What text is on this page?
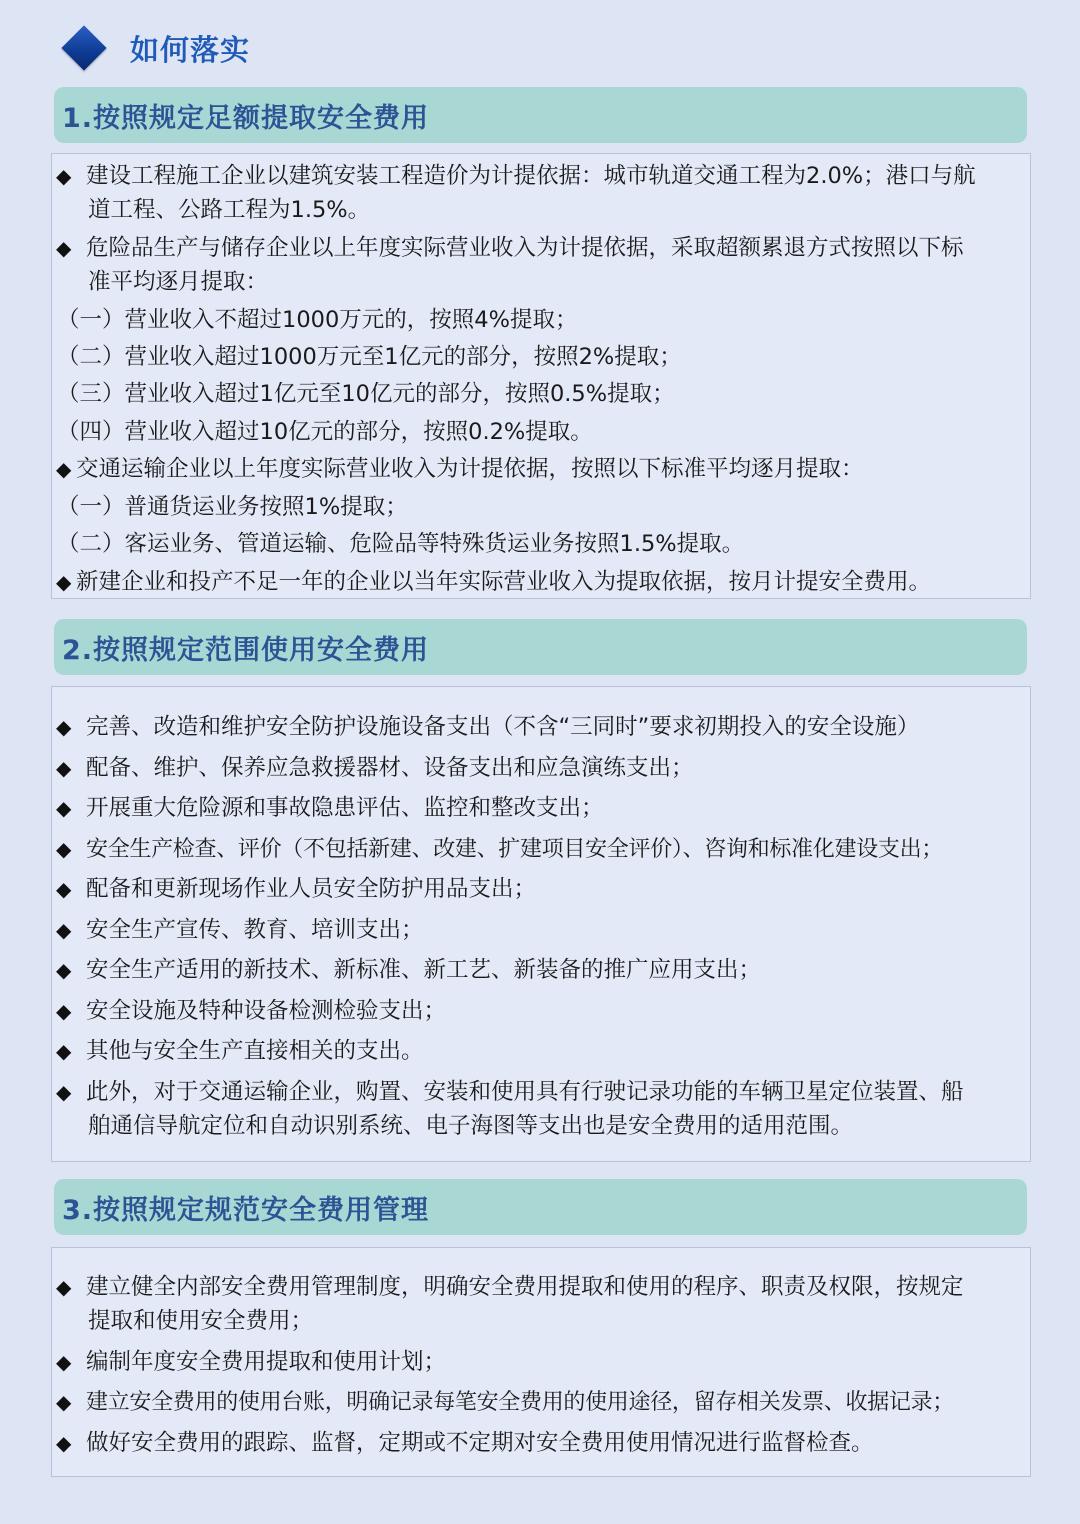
如何落实
1.按照规定足额提取安全费用
◆ 建设工程施工企业以建筑安装工程造价为计提依据：城市轨道交通工程为2.0%；港口与航
道工程、公路工程为1.5%。
◆ 危险品生产与储存企业以上年度实际营业收入为计提依据，采取超额累退方式按照以下标
准平均逐月提取：
（一）营业收入不超过1000万元的，按照4%提取；
（二）营业收入超过1000万元至1亿元的部分，按照2%提取；
（三）营业收入超过1亿元至10亿元的部分，按照0.5%提取；
（四）营业收入超过10亿元的部分，按照0.2%提取。
◆ 交通运输企业以上年度实际营业收入为计提依据，按照以下标准平均逐月提取：
（一）普通货运业务按照1%提取；
（二）客运业务、管道运输、危险品等特殊货运业务按照1.5%提取。
◆ 新建企业和投产不足一年的企业以当年实际营业收入为提取依据，按月计提安全费用。
2.按照规定范围使用安全费用
◆ 完善、改造和维护安全防护设施设备支出（不含“三同时”要求初期投入的安全设施）
◆ 配备、维护、保养应急救援器材、设备支出和应急演练支出；
◆ 开展重大危险源和事故隐患评估、监控和整改支出；
◆ 安全生产检查、评价（不包括新建、改建、扩建项目安全评价）、咨询和标准化建设支出；
◆ 配备和更新现场作业人员安全防护用品支出；
◆ 安全生产宣传、教育、培训支出；
◆ 安全生产适用的新技术、新标准、新工艺、新装备的推广应用支出；
◆ 安全设施及特种设备检测检验支出；
◆ 其他与安全生产直接相关的支出。
◆ 此外，对于交通运输企业，购置、安装和使用具有行驶记录功能的车辆卫星定位装置、船
舶通信导航定位和自动识别系统、电子海图等支出也是安全费用的适用范围。
3.按照规定规范安全费用管理
◆ 建立健全内部安全费用管理制度，明确安全费用提取和使用的程序、职责及权限，按规定
提取和使用安全费用；
◆ 编制年度安全费用提取和使用计划；
◆ 建立安全费用的使用台账，明确记录每笔安全费用的使用途径，留存相关发票、收据记录；
◆ 做好安全费用的跟踪、监督，定期或不定期对安全费用使用情况进行监督检查。
